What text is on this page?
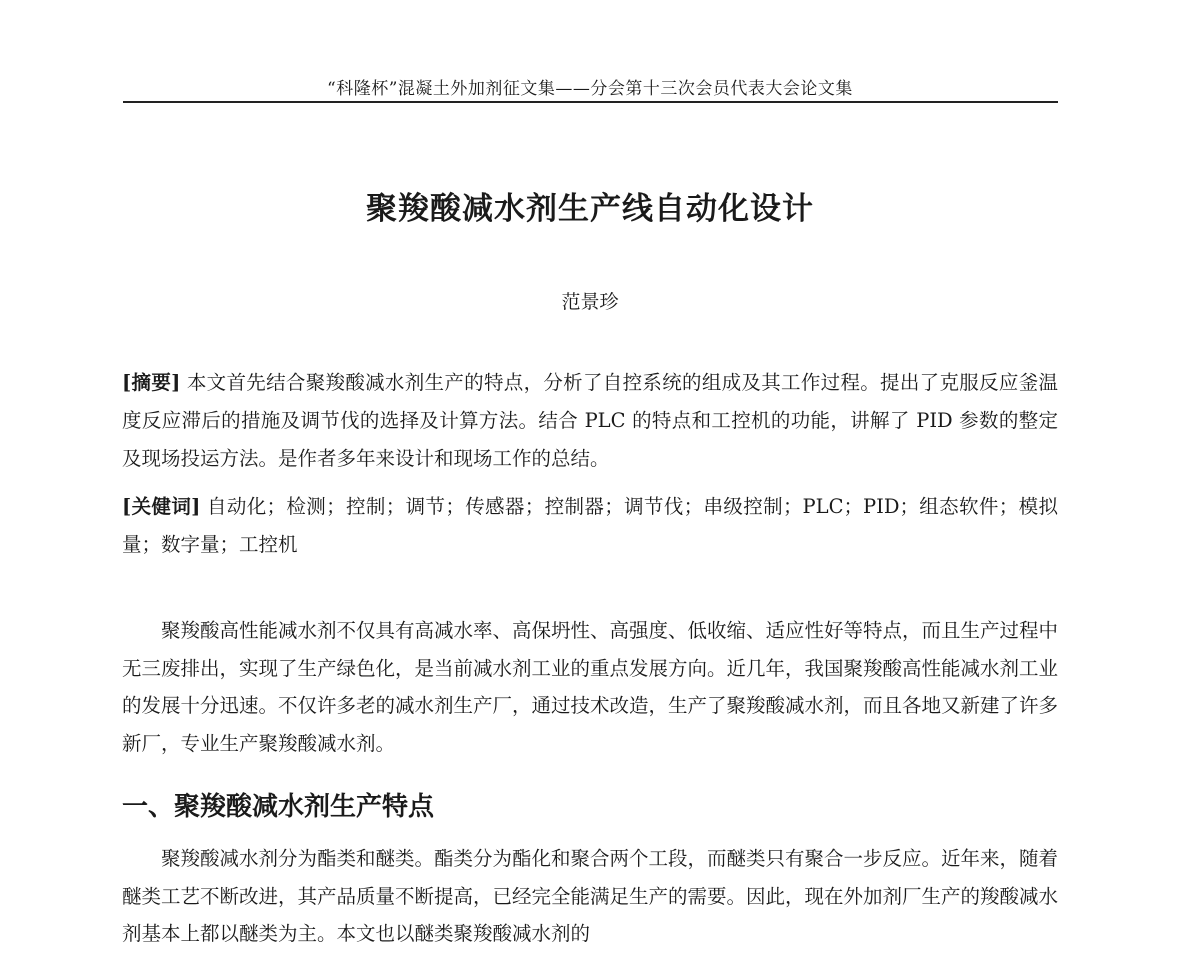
“科隆杯”混凝土外加剂征文集——分会第十三次会员代表大会论文集
聚羧酸减水剂生产线自动化设计
范景珍

[摘要] 本文首先结合聚羧酸减水剂生产的特点，分析了自控系统的组成及其工作过程。提出了克服反应釜温度反应滞后的措施及调节伐的选择及计算方法。结合 PLC 的特点和工控机的功能，讲解了 PID 参数的整定及现场投运方法。是作者多年来设计和现场工作的总结。

[关健词] 自动化；检测；控制；调节；传感器；控制器；调节伐；串级控制；PLC；PID；组态软件；模拟量；数字量；工控机

聚羧酸高性能减水剂不仅具有高减水率、高保坍性、高强度、低收缩、适应性好等特点，而且生产过程中无三废排出，实现了生产绿色化，是当前减水剂工业的重点发展方向。近几年，我国聚羧酸高性能减水剂工业的发展十分迅速。不仅许多老的减水剂生产厂，通过技术改造，生产了聚羧酸减水剂，而且各地又新建了许多新厂，专业生产聚羧酸减水剂。

一、聚羧酸减水剂生产特点

聚羧酸减水剂分为酯类和醚类。酯类分为酯化和聚合两个工段，而醚类只有聚合一步反应。近年来，随着醚类工艺不断改进，其产品质量不断提高，已经完全能满足生产的需要。因此，现在外加剂厂生产的羧酸减水剂基本上都以醚类为主。本文也以醚类聚羧酸减水剂的
